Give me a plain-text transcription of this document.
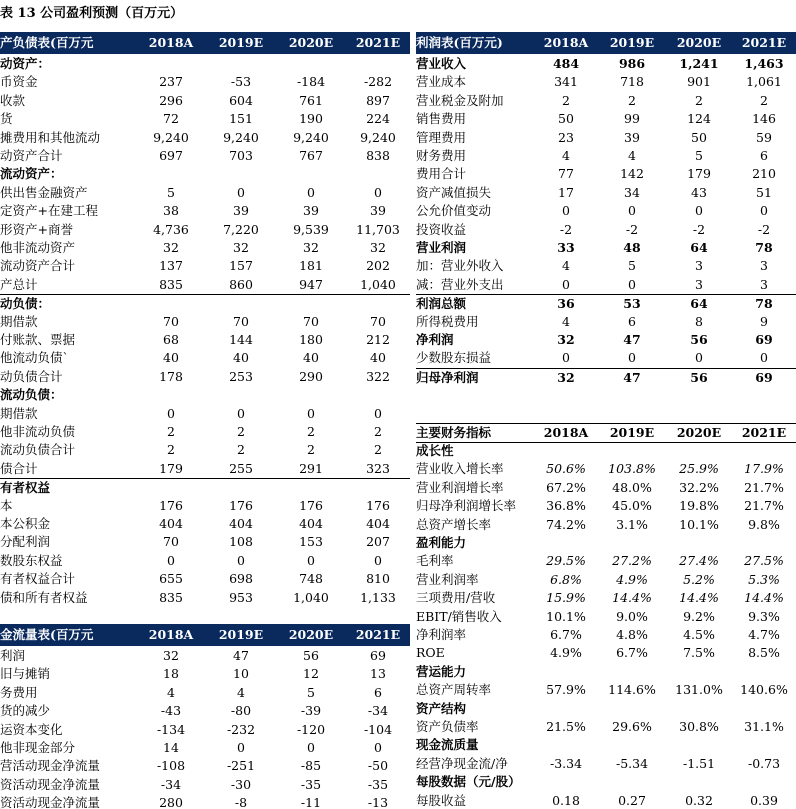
表 13 公司盈利预测（百万元）
产负债表(百万元	2018A	2019E	2020E	2021E
动资产：
币资金	237	-53	-184	-282
收款	296	604	761	897
货	72	151	190	224
摊费用和其他流动	9,240	9,240	9,240	9,240
动资产合计	697	703	767	838
流动资产：
供出售金融资产	5	0	0	0
定资产+在建工程	38	39	39	39
形资产+商誉	4,736	7,220	9,539	11,703
他非流动资产	32	32	32	32
流动资产合计	137	157	181	202
产总计	835	860	947	1,040
动负债：
期借款	70	70	70	70
付账款、票据	68	144	180	212
他流动负债`	40	40	40	40
动负债合计	178	253	290	322
流动负债：
期借款	0	0	0	0
他非流动负债	2	2	2	2
流动负债合计	2	2	2	2
债合计	179	255	291	323
有者权益
本	176	176	176	176
本公积金	404	404	404	404
分配利润	70	108	153	207
数股东权益	0	0	0	0
有者权益合计	655	698	748	810
债和所有者权益	835	953	1,040	1,133
金流量表(百万元	2018A	2019E	2020E	2021E
利润	32	47	56	69
旧与摊销	18	10	12	13
务费用	4	4	5	6
货的减少	-43	-80	-39	-34
运资本变化	-134	-232	-120	-104
他非现金部分	14	0	0	0
营活动现金净流量	-108	-251	-85	-50
资活动现金净流量	-34	-30	-35	-35
资活动现金净流量	280	-8	-11	-13
利润表(百万元)	2018A	2019E	2020E	2021E
营业收入	484	986	1,241	1,463
营业成本	341	718	901	1,061
营业税金及附加	2	2	2	2
销售费用	50	99	124	146
管理费用	23	39	50	59
财务费用	4	4	5	6
费用合计	77	142	179	210
资产减值损失	17	34	43	51
公允价值变动	0	0	0	0
投资收益	-2	-2	-2	-2
营业利润	33	48	64	78
加：营业外收入	4	5	3	3
减：营业外支出	0	0	3	3
利润总额	36	53	64	78
所得税费用	4	6	8	9
净利润	32	47	56	69
少数股东损益	0	0	0	0
归母净利润	32	47	56	69
主要财务指标	2018A	2019E	2020E	2021E
成长性
营业收入增长率	50.6%	103.8%	25.9%	17.9%
营业利润增长率	67.2%	48.0%	32.2%	21.7%
归母净利润增长率	36.8%	45.0%	19.8%	21.7%
总资产增长率	74.2%	3.1%	10.1%	9.8%
盈利能力
毛利率	29.5%	27.2%	27.4%	27.5%
营业利润率	6.8%	4.9%	5.2%	5.3%
三项费用/营收	15.9%	14.4%	14.4%	14.4%
EBIT/销售收入	10.1%	9.0%	9.2%	9.3%
净利润率	6.7%	4.8%	4.5%	4.7%
ROE	4.9%	6.7%	7.5%	8.5%
营运能力
总资产周转率	57.9%	114.6%	131.0%	140.6%
资产结构
资产负债率	21.5%	29.6%	30.8%	31.1%
现金流质量
经营净现金流/净	-3.34	-5.34	-1.51	-0.73
每股数据（元/股）
每股收益	0.18	0.27	0.32	0.39
